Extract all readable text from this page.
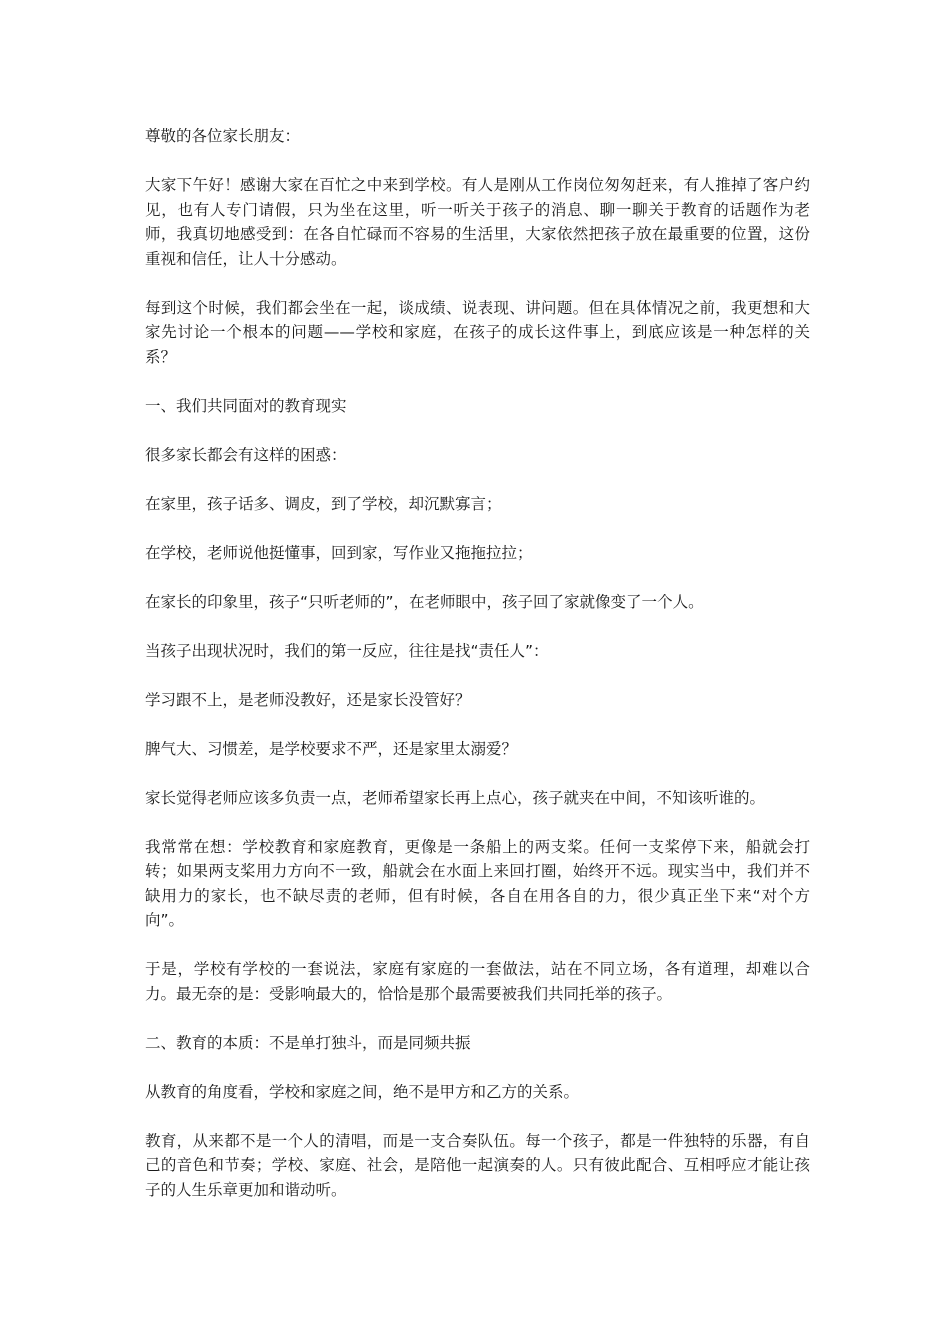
尊敬的各位家长朋友：

大家下午好！感谢大家在百忙之中来到学校。有人是刚从工作岗位匆匆赶来，有人推掉了客户约见，也有人专门请假，只为坐在这里，听一听关于孩子的消息、聊一聊关于教育的话题作为老师，我真切地感受到：在各自忙碌而不容易的生活里，大家依然把孩子放在最重要的位置，这份重视和信任，让人十分感动。

每到这个时候，我们都会坐在一起，谈成绩、说表现、讲问题。但在具体情况之前，我更想和大家先讨论一个根本的问题——学校和家庭，在孩子的成长这件事上，到底应该是一种怎样的关系？

一、我们共同面对的教育现实

很多家长都会有这样的困惑：

在家里，孩子话多、调皮，到了学校，却沉默寡言；

在学校，老师说他挺懂事，回到家，写作业又拖拖拉拉；

在家长的印象里，孩子“只听老师的”，在老师眼中，孩子回了家就像变了一个人。

当孩子出现状况时，我们的第一反应，往往是找“责任人”：

学习跟不上，是老师没教好，还是家长没管好？

脾气大、习惯差，是学校要求不严，还是家里太溺爱？

家长觉得老师应该多负责一点，老师希望家长再上点心，孩子就夹在中间，不知该听谁的。

我常常在想：学校教育和家庭教育，更像是一条船上的两支桨。任何一支桨停下来，船就会打转；如果两支桨用力方向不一致，船就会在水面上来回打圈，始终开不远。现实当中，我们并不缺用力的家长，也不缺尽责的老师，但有时候，各自在用各自的力，很少真正坐下来“对个方向”。

于是，学校有学校的一套说法，家庭有家庭的一套做法，站在不同立场，各有道理，却难以合力。最无奈的是：受影响最大的，恰恰是那个最需要被我们共同托举的孩子。

二、教育的本质：不是单打独斗，而是同频共振

从教育的角度看，学校和家庭之间，绝不是甲方和乙方的关系。

教育，从来都不是一个人的清唱，而是一支合奏队伍。每一个孩子，都是一件独特的乐器，有自己的音色和节奏；学校、家庭、社会，是陪他一起演奏的人。只有彼此配合、互相呼应才能让孩子的人生乐章更加和谐动听。
